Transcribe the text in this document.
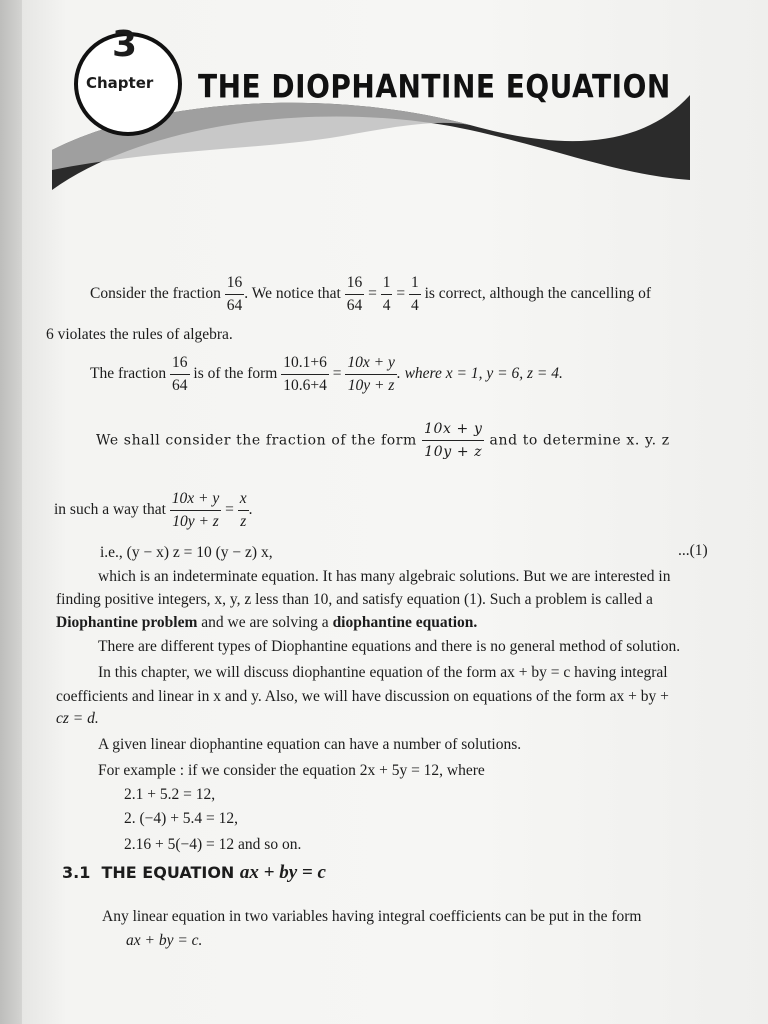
3
Chapter THE DIOPHANTINE EQUATION
Consider the fraction $\frac{16}{64}$ . We notice that $\frac{16}{64} = \frac{1}{4} = \frac{1}{4}$ is correct, although the cancelling of
6 violates the rules of algebra.
The fraction $\frac{16}{64}$ is of the form $\frac{10.1+6}{10.6+4} = \frac{10x + y}{10y + z}$ . where x = 1, y = 6, z = 4.
We shall consider the fraction of the form $\frac{10x + y}{10y + z}$ and to determine x. y. z
in such a way that $\frac{10x + y}{10y + z} = \frac{x}{z}$ .
i.e., (y − x) z = 10 (y − z) x,	...(1)
which is an indeterminate equation. It has many algebraic solutions. But we are interested in
finding positive integers, x, y, z less than 10, and satisfy equation (1). Such a problem is called a
Diophantine problem and we are solving a diophantine equation.
There are different types of Diophantine equations and there is no general method of solution.
In this chapter, we will discuss diophantine equation of the form ax + by = c having integral
coefficients and linear in x and y. Also, we will have discussion on equations of the form ax + by +
cz = d.
A given linear diophantine equation can have a number of solutions.
For example : if we consider the equation 2x + 5y = 12, where
2.1 + 5.2 = 12,
2. (−4) + 5.4 = 12,
2.16 + 5(−4) = 12 and so on.
3.1 THE EQUATION ax + by = c
Any linear equation in two variables having integral coefficients can be put in the form
ax + by = c.
